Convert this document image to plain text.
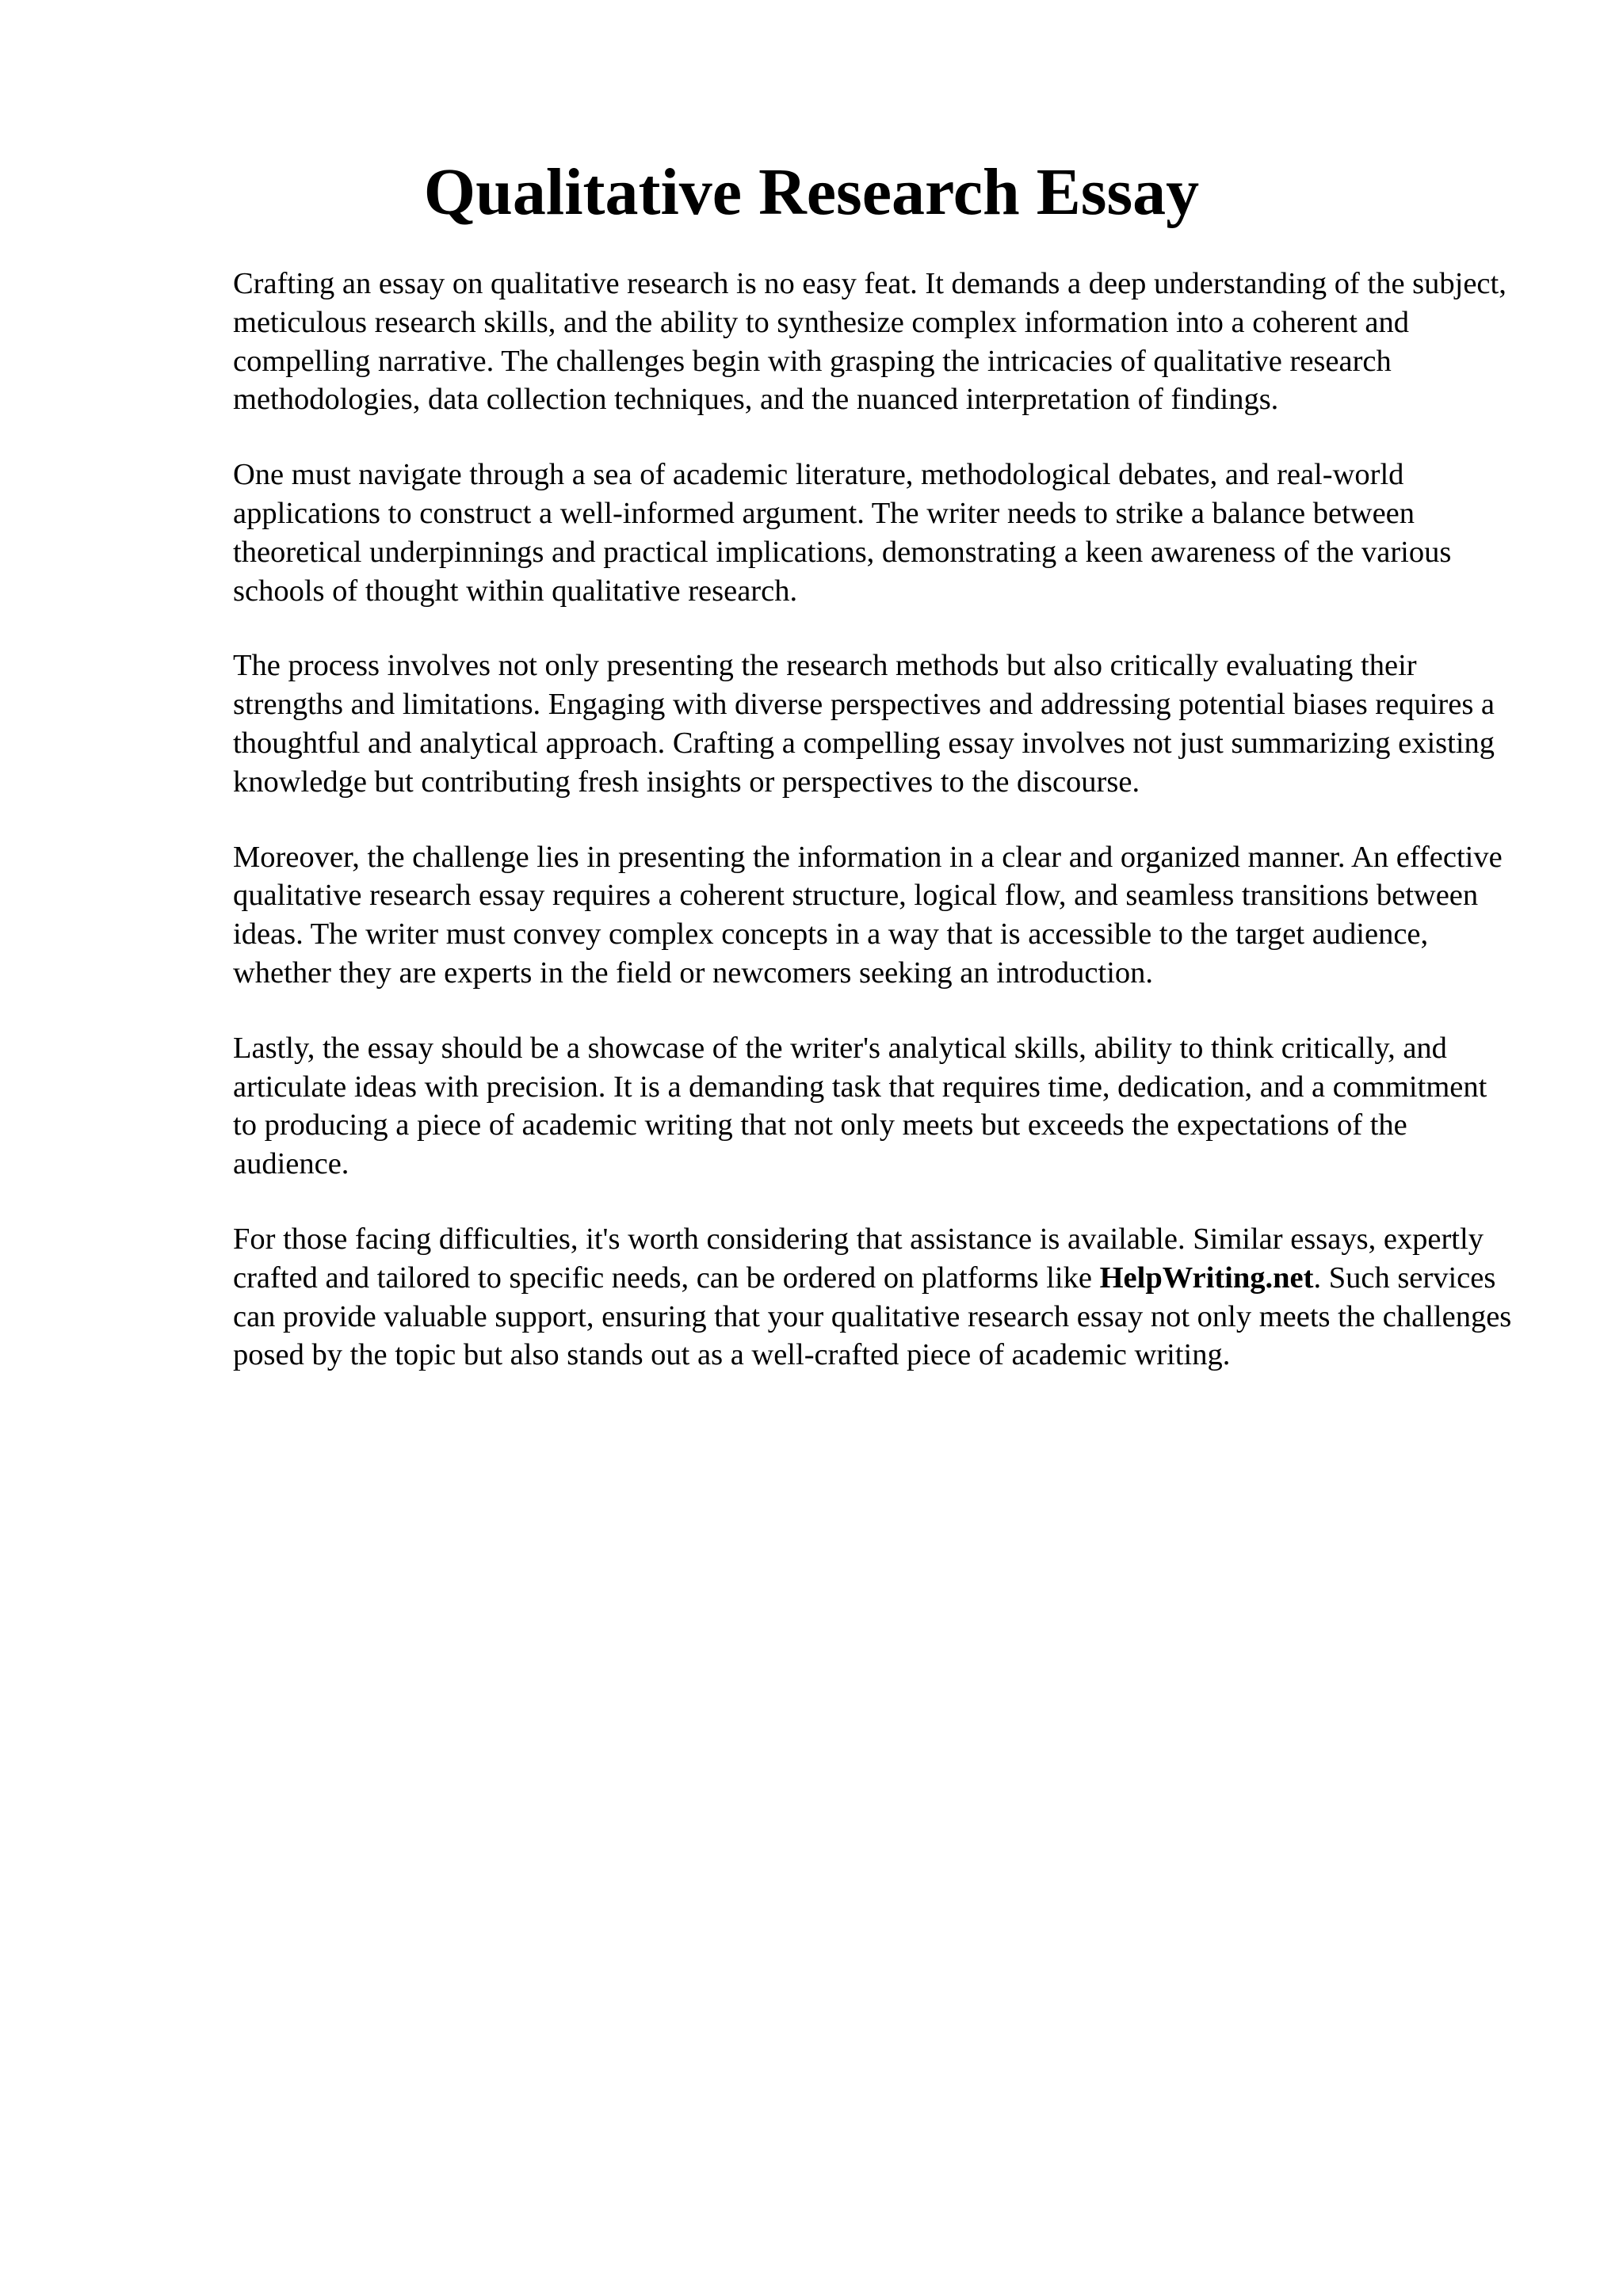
Qualitative Research Essay

Crafting an essay on qualitative research is no easy feat. It demands a deep understanding of the subject, meticulous research skills, and the ability to synthesize complex information into a coherent and compelling narrative. The challenges begin with grasping the intricacies of qualitative research methodologies, data collection techniques, and the nuanced interpretation of findings.

One must navigate through a sea of academic literature, methodological debates, and real-world applications to construct a well-informed argument. The writer needs to strike a balance between theoretical underpinnings and practical implications, demonstrating a keen awareness of the various schools of thought within qualitative research.

The process involves not only presenting the research methods but also critically evaluating their strengths and limitations. Engaging with diverse perspectives and addressing potential biases requires a thoughtful and analytical approach. Crafting a compelling essay involves not just summarizing existing knowledge but contributing fresh insights or perspectives to the discourse.

Moreover, the challenge lies in presenting the information in a clear and organized manner. An effective qualitative research essay requires a coherent structure, logical flow, and seamless transitions between ideas. The writer must convey complex concepts in a way that is accessible to the target audience, whether they are experts in the field or newcomers seeking an introduction.

Lastly, the essay should be a showcase of the writer's analytical skills, ability to think critically, and articulate ideas with precision. It is a demanding task that requires time, dedication, and a commitment to producing a piece of academic writing that not only meets but exceeds the expectations of the audience.

For those facing difficulties, it's worth considering that assistance is available. Similar essays, expertly crafted and tailored to specific needs, can be ordered on platforms like HelpWriting.net. Such services can provide valuable support, ensuring that your qualitative research essay not only meets the challenges posed by the topic but also stands out as a well-crafted piece of academic writing.
